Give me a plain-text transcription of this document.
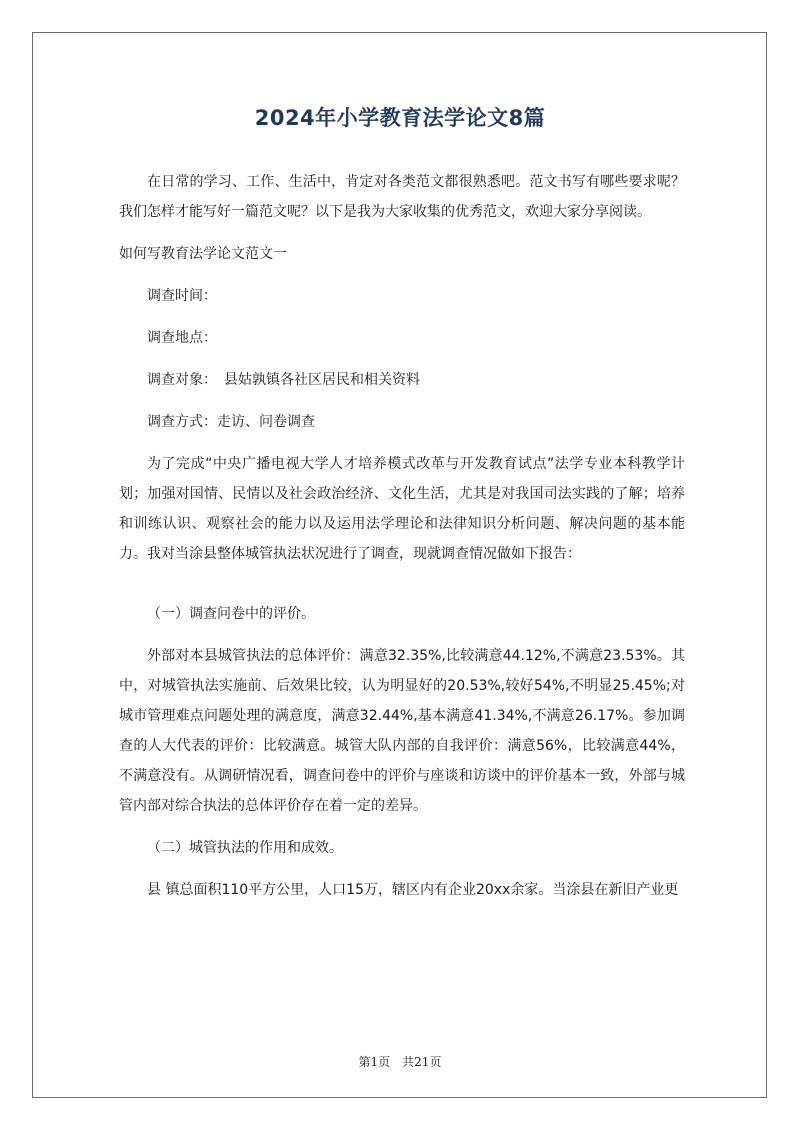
2024年小学教育法学论文8篇

在日常的学习、工作、生活中，肯定对各类范文都很熟悉吧。范文书写有哪些要求呢？我们怎样才能写好一篇范文呢？以下是我为大家收集的优秀范文，欢迎大家分享阅读。

如何写教育法学论文范文一

调查时间：

调查地点：

调查对象：　县姑孰镇各社区居民和相关资料

调查方式：走访、问卷调查

为了完成“中央广播电视大学人才培养模式改革与开发教育试点”法学专业本科教学计划；加强对国情、民情以及社会政治经济、文化生活，尤其是对我国司法实践的了解；培养和训练认识、观察社会的能力以及运用法学理论和法律知识分析问题、解决问题的基本能力。我对当涂县整体城管执法状况进行了调查，现就调查情况做如下报告：

（一）调查问卷中的评价。

外部对本县城管执法的总体评价：满意32.35%,比较满意44.12%,不满意23.53%。其中，对城管执法实施前、后效果比较，认为明显好的20.53%,较好54%,不明显25.45%;对城市管理难点问题处理的满意度，满意32.44%,基本满意41.34%,不满意26.17%。参加调查的人大代表的评价：比较满意。城管大队内部的自我评价：满意56%，比较满意44%，不满意没有。从调研情况看，调查问卷中的评价与座谈和访谈中的评价基本一致，外部与城管内部对综合执法的总体评价存在着一定的差异。

（二）城管执法的作用和成效。

县 镇总面积110平方公里，人口15万，辖区内有企业20xx余家。当涂县在新旧产业更

第1页 共21页
